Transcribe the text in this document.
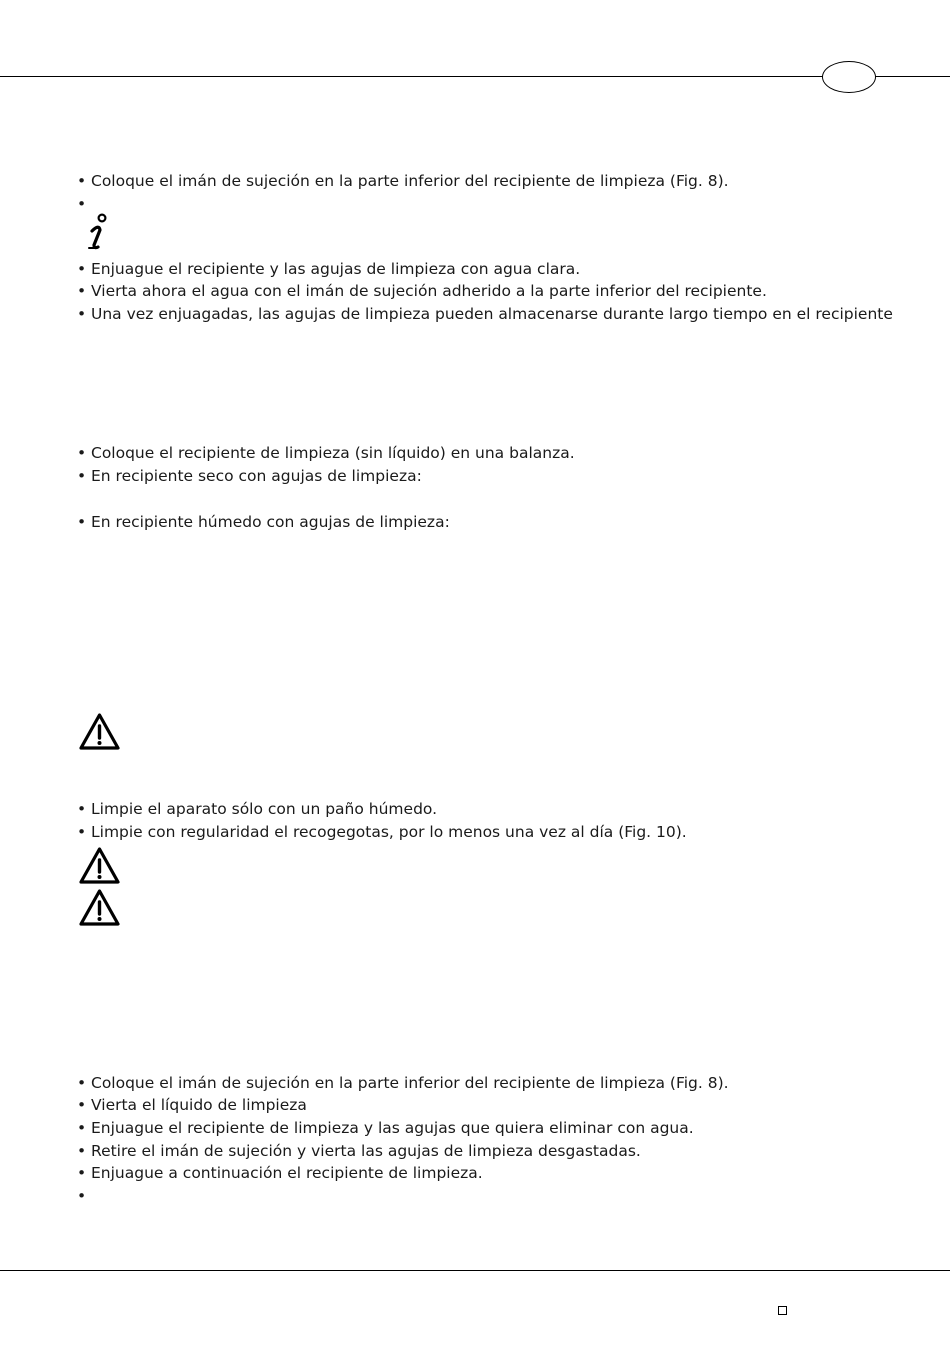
• Coloque el imán de sujeción en la parte inferior del recipiente de limpieza (Fig. 8).
•
• Enjuague el recipiente y las agujas de limpieza con agua clara.
• Vierta ahora el agua con el imán de sujeción adherido a la parte inferior del recipiente.
• Una vez enjuagadas, las agujas de limpieza pueden almacenarse durante largo tiempo en el recipiente
• Coloque el recipiente de limpieza (sin líquido) en una balanza.
• En recipiente seco con agujas de limpieza:
• En recipiente húmedo con agujas de limpieza:
• Limpie el aparato sólo con un paño húmedo.
• Limpie con regularidad el recogegotas, por lo menos una vez al día (Fig. 10).
• Coloque el imán de sujeción en la parte inferior del recipiente de limpieza (Fig. 8).
• Vierta el líquido de limpieza
• Enjuague el recipiente de limpieza y las agujas que quiera eliminar con agua.
• Retire el imán de sujeción y vierta las agujas de limpieza desgastadas.
• Enjuague a continuación el recipiente de limpieza.
•
